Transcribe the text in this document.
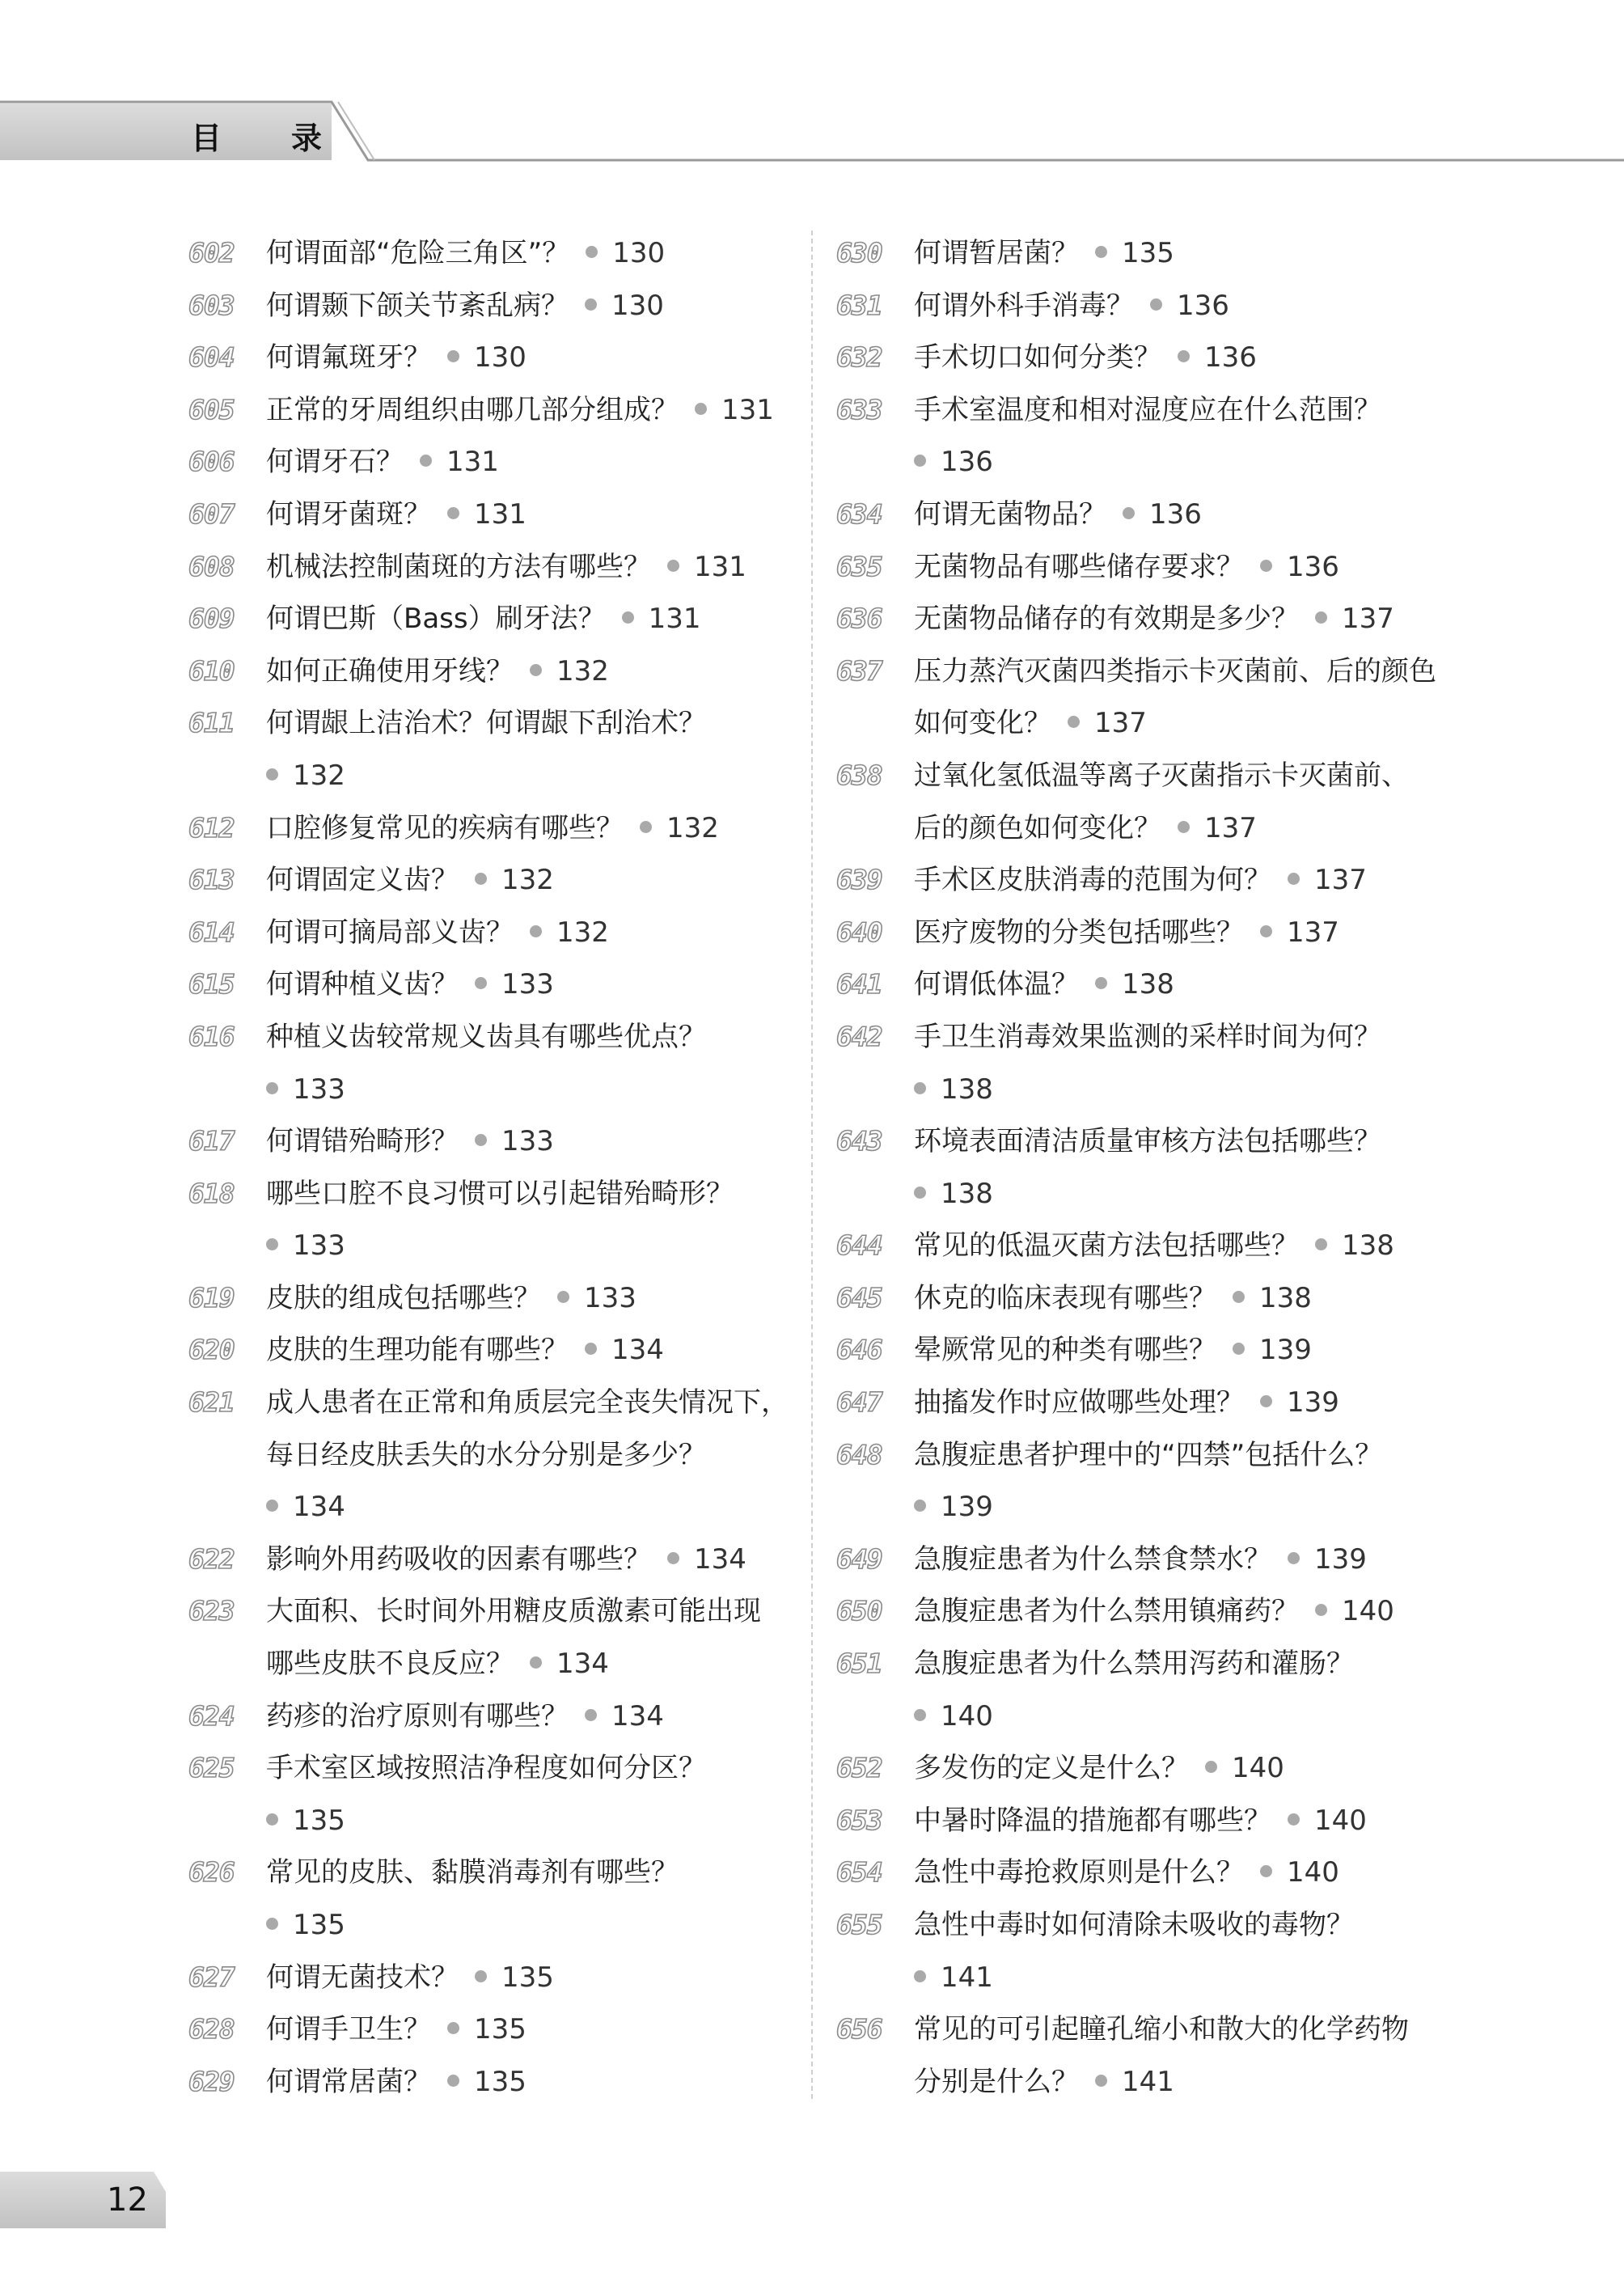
目 录
602	何谓面部“危险三角区”？ 130
603	何谓颞下颌关节紊乱病？ 130
604	何谓氟斑牙？ 130
605	正常的牙周组织由哪几部分组成？ 131
606	何谓牙石？ 131
607	何谓牙菌斑？ 131
608	机械法控制菌斑的方法有哪些？ 131
609	何谓巴斯（Bass）刷牙法？ 131
610	如何正确使用牙线？ 132
611	何谓龈上洁治术？何谓龈下刮治术？
132
612	口腔修复常见的疾病有哪些？ 132
613	何谓固定义齿？ 132
614	何谓可摘局部义齿？ 132
615	何谓种植义齿？ 133
616	种植义齿较常规义齿具有哪些优点？
133
617	何谓错殆畸形？ 133
618	哪些口腔不良习惯可以引起错殆畸形？
133
619	皮肤的组成包括哪些？ 133
620	皮肤的生理功能有哪些？ 134
621	成人患者在正常和角质层完全丧失情况下，
每日经皮肤丢失的水分分别是多少？
134
622	影响外用药吸收的因素有哪些？ 134
623	大面积、长时间外用糖皮质激素可能出现
哪些皮肤不良反应？ 134
624	药疹的治疗原则有哪些？ 134
625	手术室区域按照洁净程度如何分区？
135
626	常见的皮肤、黏膜消毒剂有哪些？
135
627	何谓无菌技术？ 135
628	何谓手卫生？ 135
629	何谓常居菌？ 135
630	何谓暂居菌？ 135
631	何谓外科手消毒？ 136
632	手术切口如何分类？ 136
633	手术室温度和相对湿度应在什么范围？
136
634	何谓无菌物品？ 136
635	无菌物品有哪些储存要求？ 136
636	无菌物品储存的有效期是多少？ 137
637	压力蒸汽灭菌四类指示卡灭菌前、后的颜色
如何变化？ 137
638	过氧化氢低温等离子灭菌指示卡灭菌前、
后的颜色如何变化？ 137
639	手术区皮肤消毒的范围为何？ 137
640	医疗废物的分类包括哪些？ 137
641	何谓低体温？ 138
642	手卫生消毒效果监测的采样时间为何？
138
643	环境表面清洁质量审核方法包括哪些？
138
644	常见的低温灭菌方法包括哪些？ 138
645	休克的临床表现有哪些？ 138
646	晕厥常见的种类有哪些？ 139
647	抽搐发作时应做哪些处理？ 139
648	急腹症患者护理中的“四禁”包括什么？
139
649	急腹症患者为什么禁食禁水？ 139
650	急腹症患者为什么禁用镇痛药？ 140
651	急腹症患者为什么禁用泻药和灌肠？
140
652	多发伤的定义是什么？ 140
653	中暑时降温的措施都有哪些？ 140
654	急性中毒抢救原则是什么？ 140
655	急性中毒时如何清除未吸收的毒物？
141
656	常见的可引起瞳孔缩小和散大的化学药物
分别是什么？ 141
12
